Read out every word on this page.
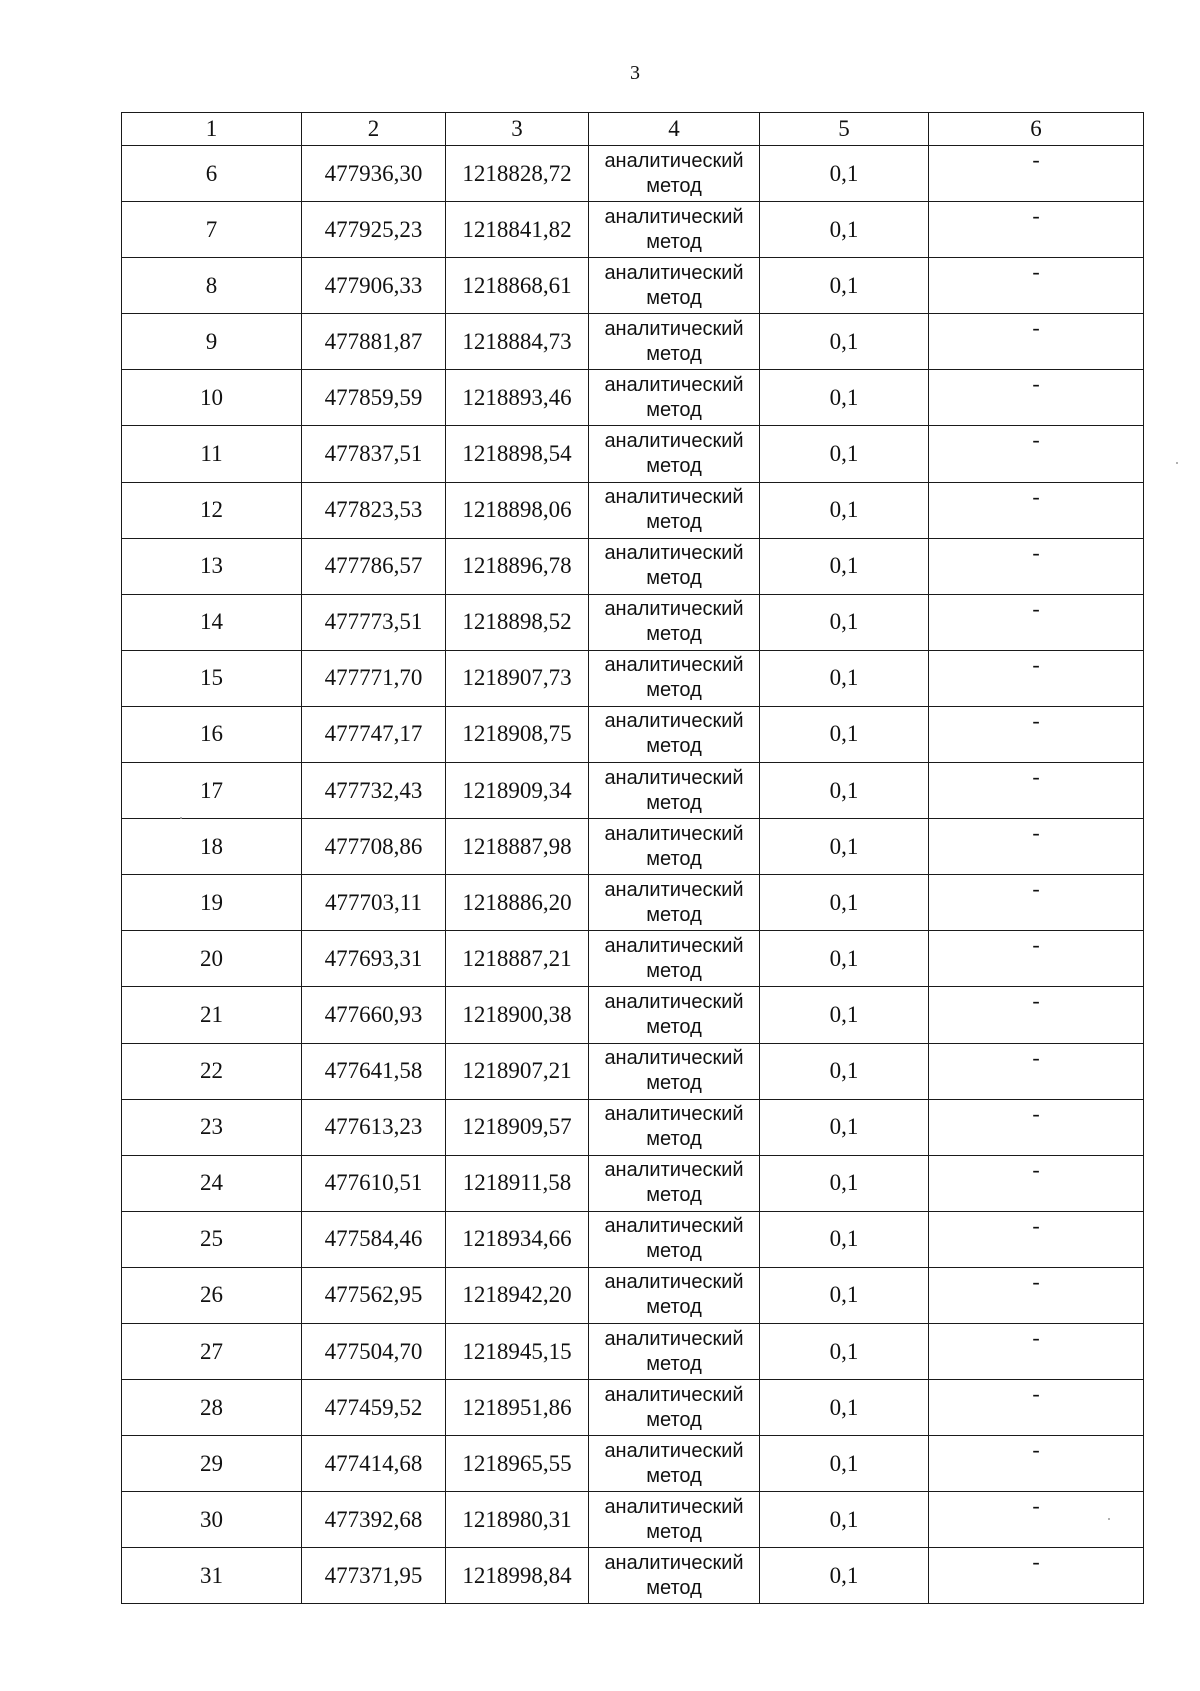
3
1	2	3	4	5	6
6	477936,30	1218828,72	аналитический
метод	0,1	-

7	477925,23	1218841,82	аналитический
метод	0,1	-

8	477906,33	1218868,61	аналитический
метод	0,1	-

9	477881,87	1218884,73	аналитический
метод	0,1	-

10	477859,59	1218893,46	аналитический
метод	0,1	-

11	477837,51	1218898,54	аналитический
метод	0,1	-

12	477823,53	1218898,06	аналитический
метод	0,1	-

13	477786,57	1218896,78	аналитический
метод	0,1	-

14	477773,51	1218898,52	аналитический
метод	0,1	-

15	477771,70	1218907,73	аналитический
метод	0,1	-

16	477747,17	1218908,75	аналитический
метод	0,1	-

17	477732,43	1218909,34	аналитический
метод	0,1	-

18	477708,86	1218887,98	аналитический
метод	0,1	-

19	477703,11	1218886,20	аналитический
метод	0,1	-

20	477693,31	1218887,21	аналитический
метод	0,1	-

21	477660,93	1218900,38	аналитический
метод	0,1	-

22	477641,58	1218907,21	аналитический
метод	0,1	-

23	477613,23	1218909,57	аналитический
метод	0,1	-

24	477610,51	1218911,58	аналитический
метод	0,1	-

25	477584,46	1218934,66	аналитический
метод	0,1	-

26	477562,95	1218942,20	аналитический
метод	0,1	-

27	477504,70	1218945,15	аналитический
метод	0,1	-

28	477459,52	1218951,86	аналитический
метод	0,1	-

29	477414,68	1218965,55	аналитический
метод	0,1	-

30	477392,68	1218980,31	аналитический
метод	0,1	-

31	477371,95	1218998,84	аналитический
метод	0,1	-
